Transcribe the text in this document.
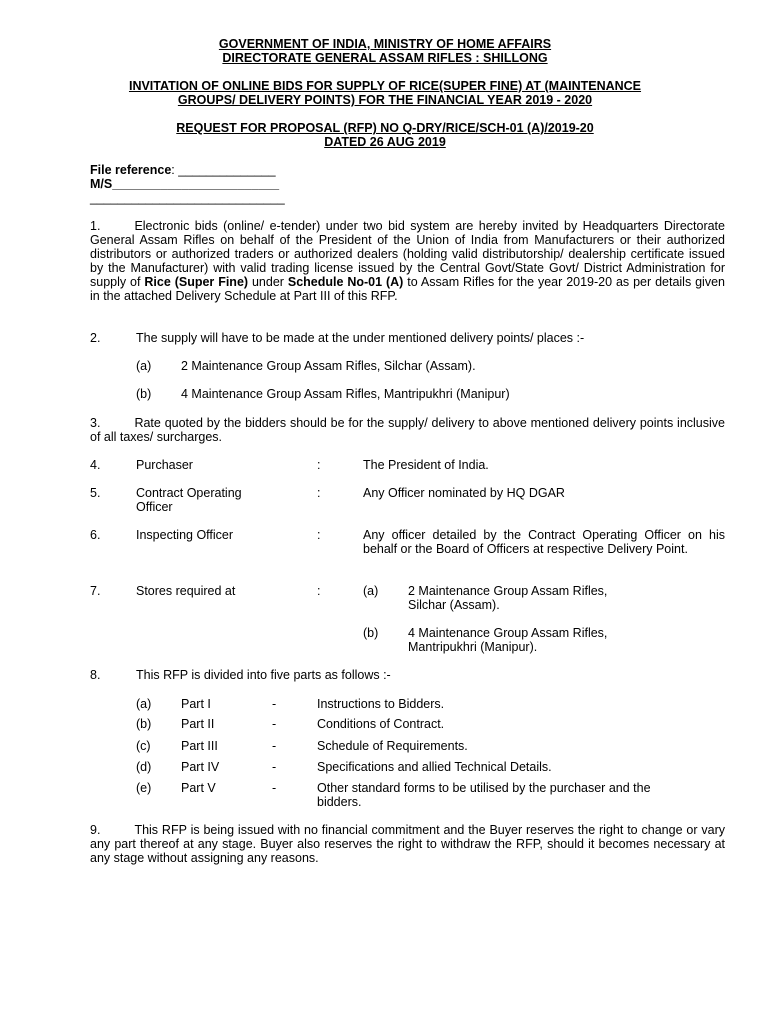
GOVERNMENT OF INDIA, MINISTRY OF HOME AFFAIRS
DIRECTORATE GENERAL ASSAM RIFLES : SHILLONG
INVITATION OF ONLINE BIDS FOR SUPPLY OF RICE(SUPER FINE) AT (MAINTENANCE
GROUPS/ DELIVERY POINTS) FOR THE FINANCIAL YEAR 2019 - 2020
REQUEST FOR PROPOSAL (RFP) NO Q-DRY/RICE/SCH-01 (A)/2019-20
DATED 26 AUG 2019
File reference: ______________
M/S________________________
____________________________
1.	Electronic bids (online/ e-tender) under two bid system are hereby invited by Headquarters Directorate General Assam Rifles on behalf of the President of the Union of India from Manufacturers or their authorized distributors or authorized traders or authorized dealers (holding valid distributorship/ dealership certificate issued by the Manufacturer) with valid trading license issued by the Central Govt/State Govt/ District Administration for supply of Rice (Super Fine) under Schedule No-01 (A) to Assam Rifles for the year 2019-20 as per details given in the attached Delivery Schedule at Part III of this RFP.
2.	The supply will have to be made at the under mentioned delivery points/ places :-
(a) 2 Maintenance Group Assam Rifles, Silchar (Assam).
(b) 4 Maintenance Group Assam Rifles, Mantripukhri (Manipur)
3.	Rate quoted by the bidders should be for the supply/ delivery to above mentioned delivery points inclusive of all taxes/ surcharges.
4.	Purchaser	:	The President of India.
5.	Contract Operating
Officer
:	Any Officer nominated by HQ DGAR
6.	Inspecting Officer	:	Any officer detailed by the Contract Operating Officer on his behalf or the Board of Officers at respective Delivery Point.
7.	Stores required at	:	(a) 2 Maintenance Group Assam Rifles,
Silchar (Assam).
(b) 4 Maintenance Group Assam Rifles,
Mantripukhri (Manipur).
8.	This RFP is divided into five parts as follows :-
(a) Part I	-	Instructions to Bidders.
(b) Part II	-	Conditions of Contract.
(c) Part III	-	Schedule of Requirements.
(d) Part IV	-	Specifications and allied Technical Details.
(e) Part V	-	Other standard forms to be utilised by the purchaser and the bidders.
9.	This RFP is being issued with no financial commitment and the Buyer reserves the right to change or vary any part thereof at any stage. Buyer also reserves the right to withdraw the RFP, should it becomes necessary at any stage without assigning any reasons.
